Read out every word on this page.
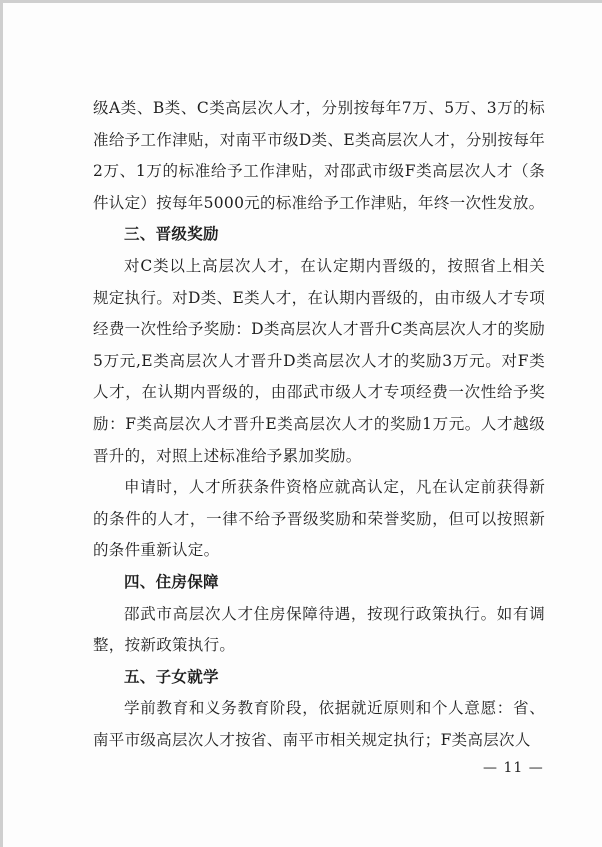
级A类、B类、C类高层次人才，分别按每年7万、5万、3万的标准给予工作津贴，对南平市级D类、E类高层次人才，分别按每年2万、1万的标准给予工作津贴，对邵武市级F类高层次人才（条件认定）按每年5000元的标准给予工作津贴，年终一次性发放。

三、晋级奖励

对C类以上高层次人才，在认定期内晋级的，按照省上相关规定执行。对D类、E类人才，在认期内晋级的，由市级人才专项经费一次性给予奖励：D类高层次人才晋升C类高层次人才的奖励5万元,E类高层次人才晋升D类高层次人才的奖励3万元。对F类人才，在认期内晋级的，由邵武市级人才专项经费一次性给予奖励：F类高层次人才晋升E类高层次人才的奖励1万元。人才越级晋升的，对照上述标准给予累加奖励。

申请时，人才所获条件资格应就高认定，凡在认定前获得新的条件的人才，一律不给予晋级奖励和荣誉奖励，但可以按照新的条件重新认定。

四、住房保障

邵武市高层次人才住房保障待遇，按现行政策执行。如有调整，按新政策执行。

五、子女就学

学前教育和义务教育阶段，依据就近原则和个人意愿：省、南平市级高层次人才按省、南平市相关规定执行；F类高层次人

— 11 —
